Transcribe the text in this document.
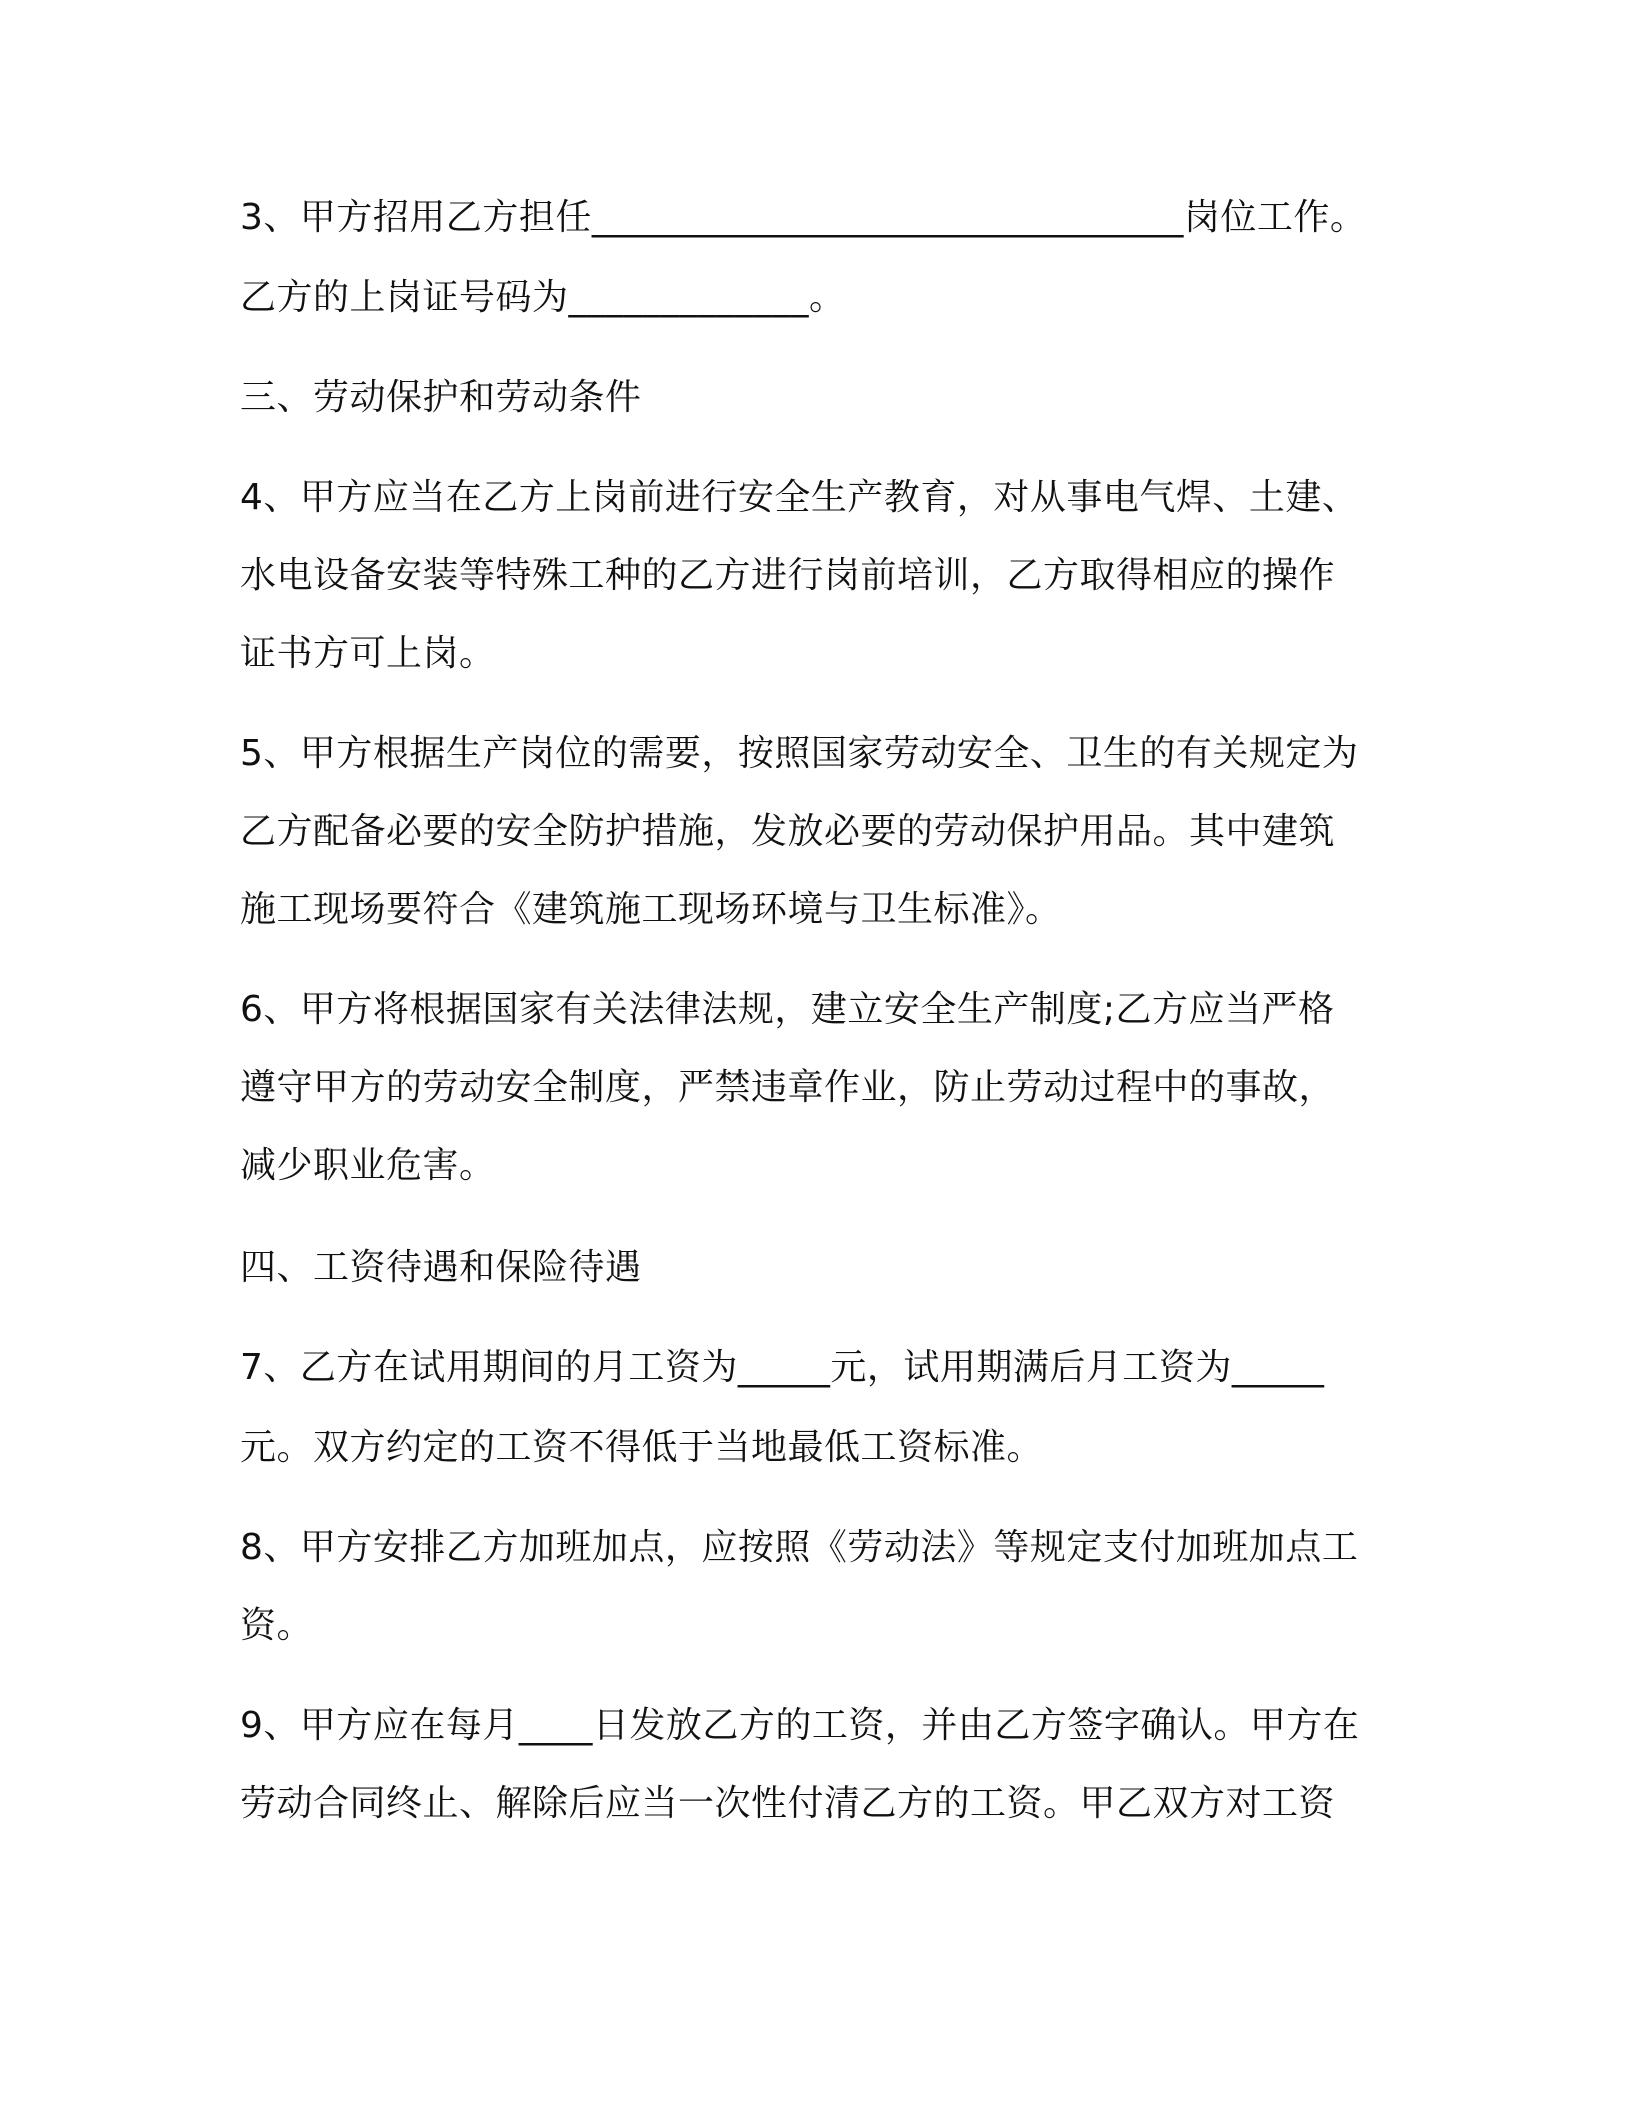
3、甲方招用乙方担任________________________________岗位工作。
乙方的上岗证号码为_____________。
三、劳动保护和劳动条件
4、甲方应当在乙方上岗前进行安全生产教育，对从事电气焊、土建、
水电设备安装等特殊工种的乙方进行岗前培训，乙方取得相应的操作
证书方可上岗。
5、甲方根据生产岗位的需要，按照国家劳动安全、卫生的有关规定为
乙方配备必要的安全防护措施，发放必要的劳动保护用品。其中建筑
施工现场要符合《建筑施工现场环境与卫生标准》。
6、甲方将根据国家有关法律法规，建立安全生产制度;乙方应当严格
遵守甲方的劳动安全制度，严禁违章作业，防止劳动过程中的事故，
减少职业危害。
四、工资待遇和保险待遇
7、乙方在试用期间的月工资为_____元，试用期满后月工资为_____
元。双方约定的工资不得低于当地最低工资标准。
8、甲方安排乙方加班加点，应按照《劳动法》等规定支付加班加点工
资。
9、甲方应在每月____日发放乙方的工资，并由乙方签字确认。甲方在
劳动合同终止、解除后应当一次性付清乙方的工资。甲乙双方对工资
